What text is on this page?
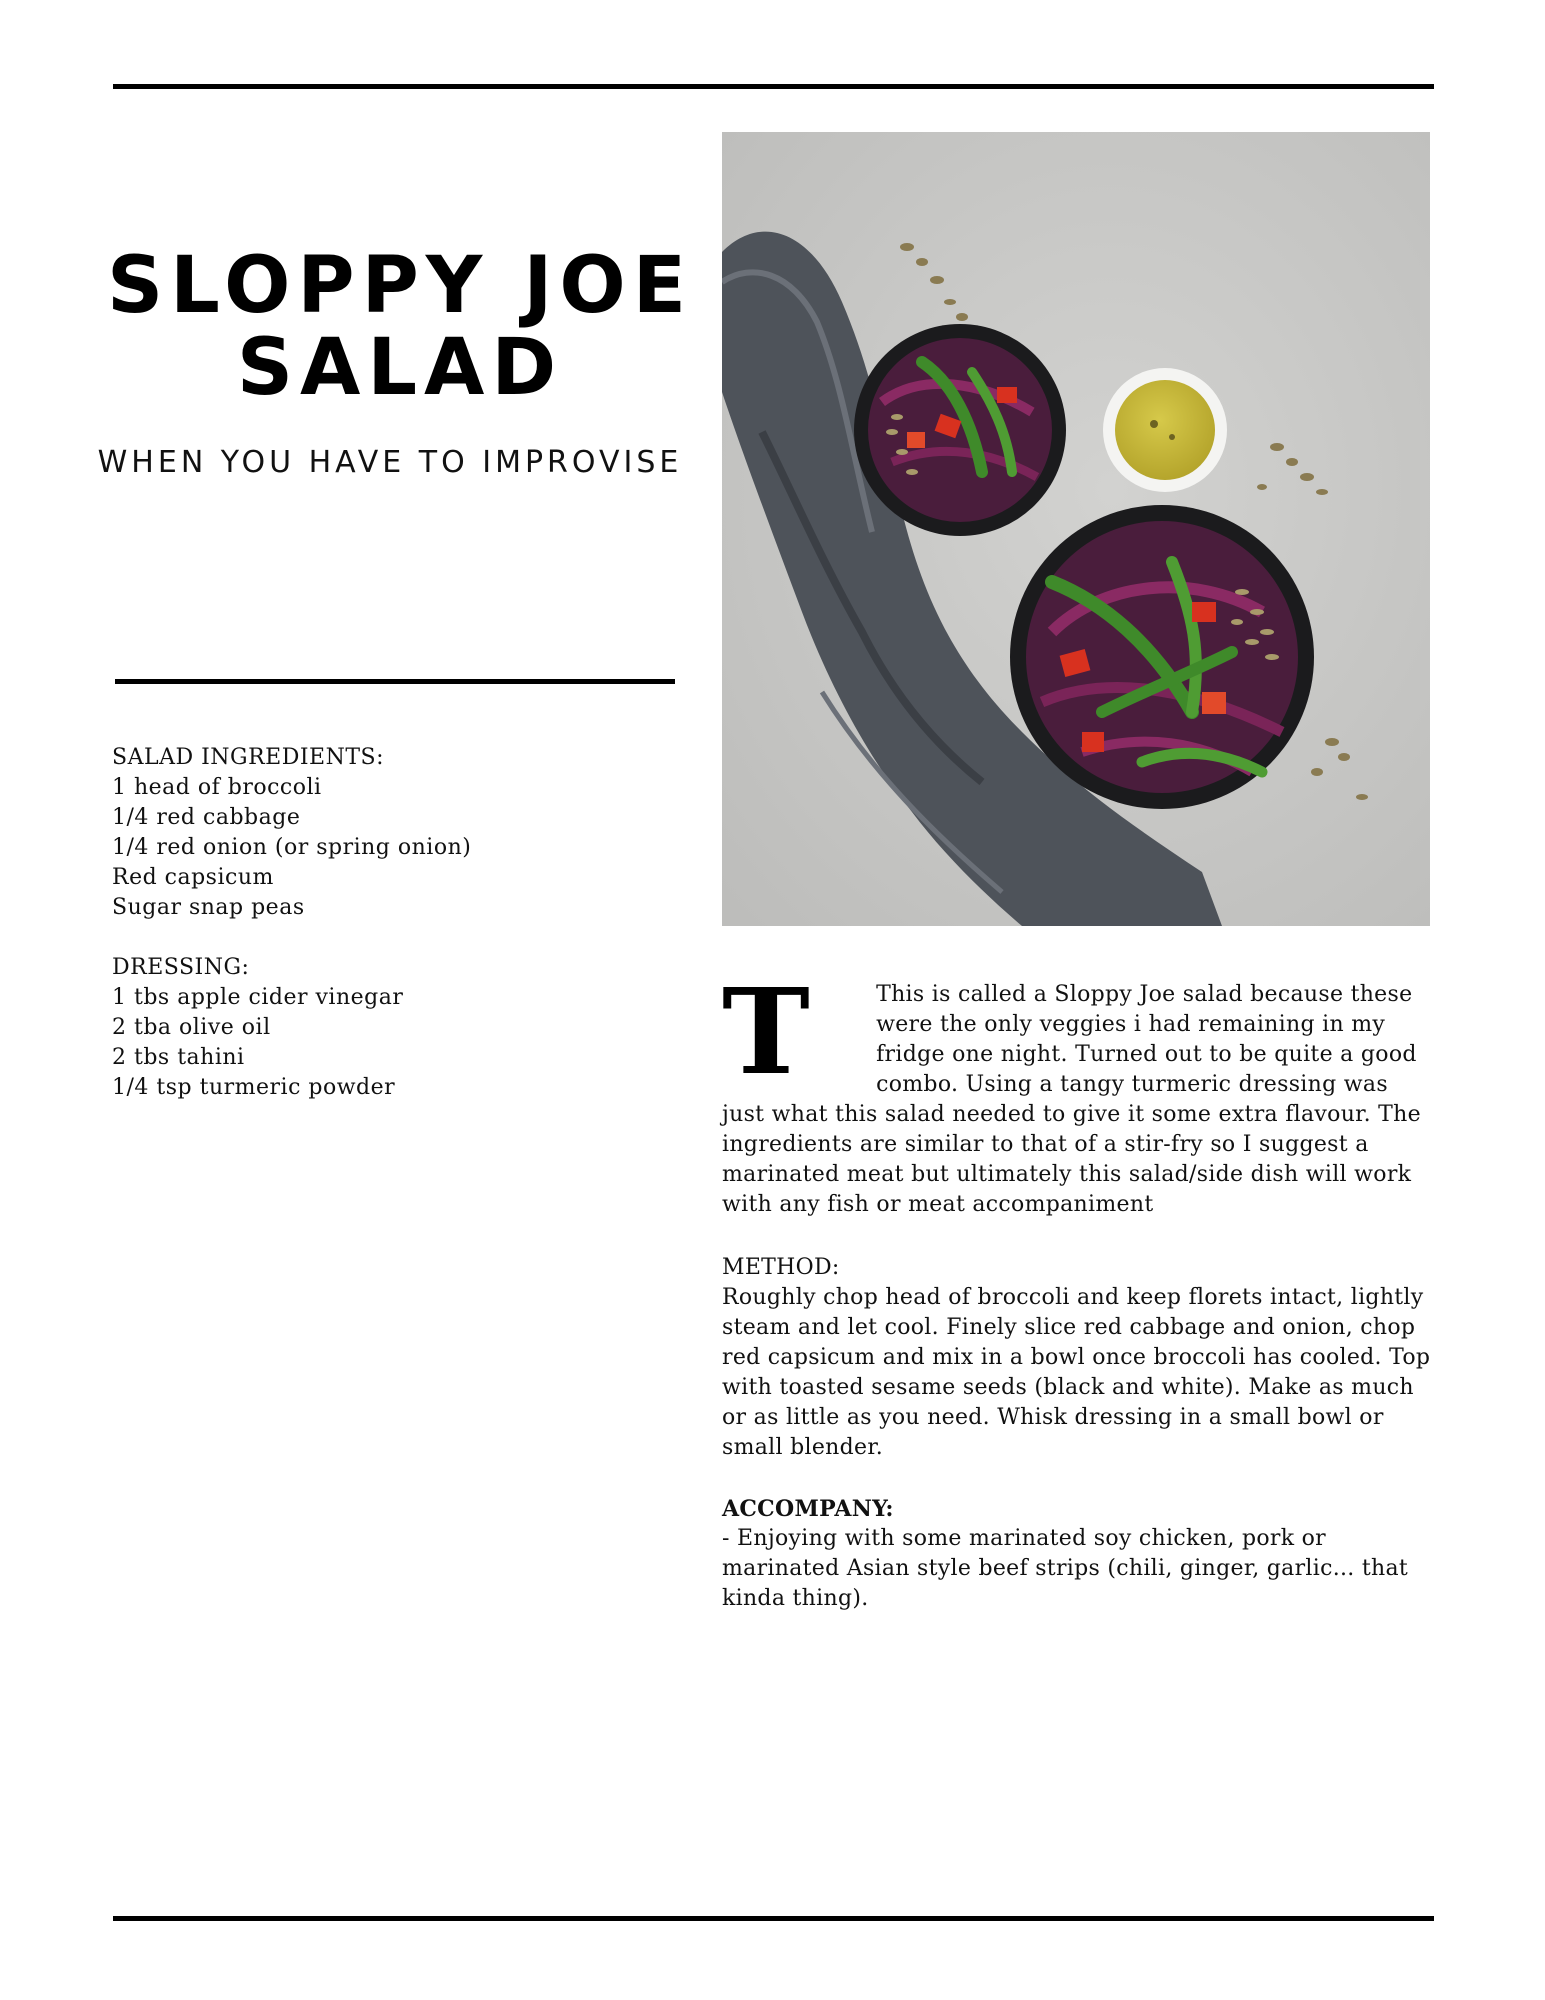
SLOPPY JOE
SALAD

WHEN YOU HAVE TO IMPROVISE

SALAD INGREDIENTS:

1 head of broccoli
1/4 red cabbage
1/4 red onion (or spring onion)
Red capsicum
Sugar snap peas

DRESSING:

1 tbs apple cider vinegar
2 tba olive oil
2 tbs tahini
1/4 tsp turmeric powder	T	This is called a Sloppy Joe salad because these were the only veggies i had remaining in my fridge one night. Turned out to be quite a good combo. Using a tangy turmeric dressing was just what this salad needed to give it some extra flavour. The ingredients are similar to that of a stir-fry so I suggest a marinated meat but ultimately this salad/side dish will work with any fish or meat accompaniment

METHOD:

Roughly chop head of broccoli and keep florets intact, lightly steam and let cool. Finely slice red cabbage and onion, chop red capsicum and mix in a bowl once broccoli has cooled. Top with toasted sesame seeds (black and white). Make as much or as little as you need. Whisk dressing in a small bowl or small blender.

ACCOMPANY:

- Enjoying with some marinated soy chicken, pork or marinated Asian style beef strips (chili, ginger, garlic... that kinda thing).
